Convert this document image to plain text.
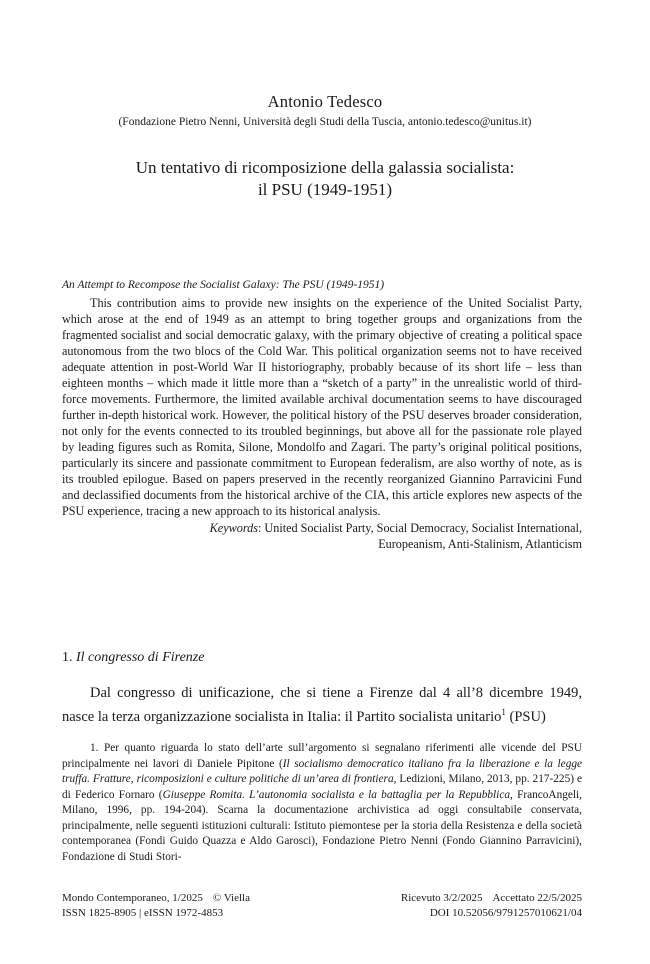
Antonio Tedesco
(Fondazione Pietro Nenni, Università degli Studi della Tuscia, antonio.tedesco@unitus.it)
Un tentativo di ricomposizione della galassia socialista:
il PSU (1949-1951)

An Attempt to Recompose the Socialist Galaxy: The PSU (1949-1951)

This contribution aims to provide new insights on the experience of the United Socialist Party, which arose at the end of 1949 as an attempt to bring together groups and organizations from the fragmented socialist and social democratic galaxy, with the primary objective of creating a political space autonomous from the two blocs of the Cold War. This political organization seems not to have received adequate attention in post-World War II historiography, probably because of its short life – less than eighteen months – which made it little more than a “sketch of a party” in the unrealistic world of third-force movements. Furthermore, the limited available archival documentation seems to have discouraged further in-depth historical work. However, the political history of the PSU deserves broader consideration, not only for the events connected to its troubled beginnings, but above all for the passionate role played by leading figures such as Romita, Silone, Mondolfo and Zagari. The party’s original political positions, particularly its sincere and passionate commitment to European federalism, are also worthy of note, as is its troubled epilogue. Based on papers preserved in the recently reorganized Giannino Parravicini Fund and declassified documents from the historical archive of the CIA, this article explores new aspects of the PSU experience, tracing a new approach to its historical analysis.

Keywords: United Socialist Party, Social Democracy, Socialist International,
Europeanism, Anti-Stalinism, Atlanticism

1. Il congresso di Firenze

Dal congresso di unificazione, che si tiene a Firenze dal 4 all’8 dicembre 1949, nasce la terza organizzazione socialista in Italia: il Partito socialista unitario$^1$ (PSU)

1. Per quanto riguarda lo stato dell’arte sull’argomento si segnalano riferimenti alle vicende del PSU principalmente nei lavori di Daniele Pipitone (Il socialismo democratico italiano fra la liberazione e la legge truffa. Fratture, ricomposizioni e culture politiche di un’area di frontiera, Ledizioni, Milano, 2013, pp. 217-225) e di Federico Fornaro (Giuseppe Romita. L’autonomia socialista e la battaglia per la Repubblica, FrancoAngeli, Milano, 1996, pp. 194-204). Scarna la documentazione archivistica ad oggi consultabile conservata, principalmente, nelle seguenti istituzioni culturali: Istituto piemontese per la storia della Resistenza e della società contemporanea (Fondi Guido Quazza e Aldo Garosci), Fondazione Pietro Nenni (Fondo Giannino Parravicini), Fondazione di Studi Stori-

Mondo Contemporaneo, 1/2025 © Viella
ISSN 1825-8905 | eISSN 1972-4853
Ricevuto 3/2/2025 Accettato 22/5/2025
DOI 10.52056/9791257010621/04
